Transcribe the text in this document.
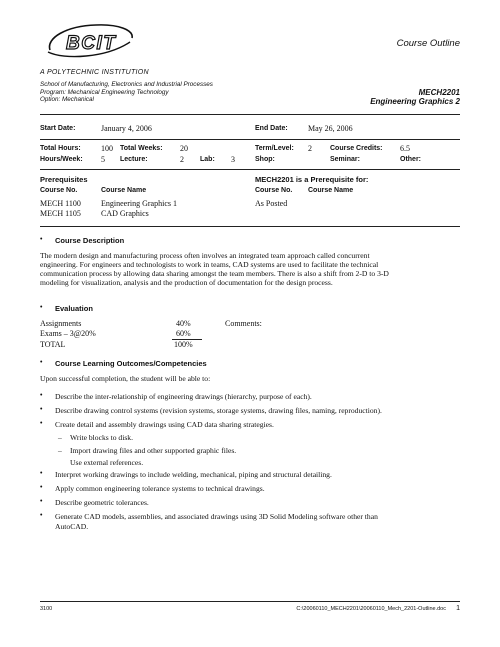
BCIT	Course Outline
A POLYTECHNIC INSTITUTION
School of Manufacturing, Electronics and Industrial Processes
Program: Mechanical Engineering Technology
Option: Mechanical
MECH2201
Engineering Graphics 2
Start Date:	January 4, 2006	End Date:	May 26, 2006
Total Hours:	100 Total Weeks: 20	Term/Level: 2	Course Credits: 6.5
Hours/Week: 5 Lecture:	2 Lab: 3	Shop:	Seminar:	Other:
Prerequisites
Course No.	Course Name
MECH 1100	Engineering Graphics 1
MECH 1105	CAD Graphics
MECH2201 is a Prerequisite for:
Course No. Course Name
As Posted
• Course Description
The modern design and manufacturing process often involves an integrated team approach called concurrent
engineering. For engineers and technologists to work in teams, CAD systems are used to facilitate the technical
communication process by allowing data sharing amongst the team members. There is also a shift from 2-D to 3-D
modeling for visualization, analysis and the production of documentation for the design process.
• Evaluation
Assignments	40%
Exams – 3@20%	60%
TOTAL	100%
Comments:
• Course Learning Outcomes/Competencies
Upon successful completion, the student will be able to:
• Describe the inter-relationship of engineering drawings (hierarchy, purpose of each).
• Describe drawing control systems (revision systems, storage systems, drawing files, naming, reproduction).
• Create detail and assembly drawings using CAD data sharing strategies.
– Write blocks to disk.
– Import drawing files and other supported graphic files.
Use external references.
• Interpret working drawings to include welding, mechanical, piping and structural detailing.
• Apply common engineering tolerance systems to technical drawings.
• Describe geometric tolerances.
• Generate CAD models, assemblies, and associated drawings using 3D Solid Modeling software other than
AutoCAD.
3100	C:\20060110_MECH2201\20060110_Mech_2201-Outline.doc 1
